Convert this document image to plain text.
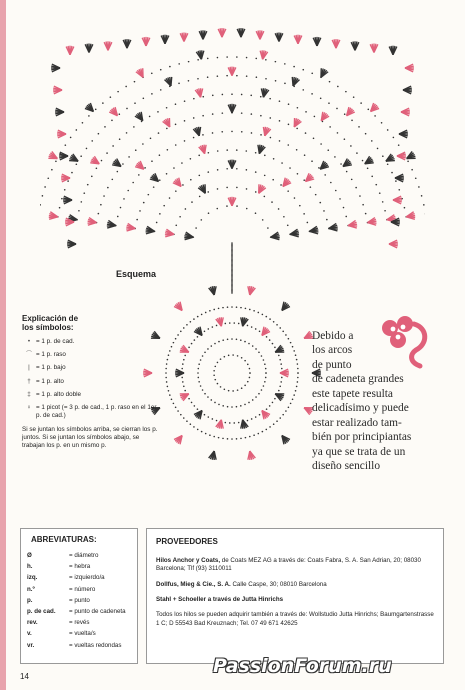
Esquema
Explicación de
los símbolos:
• = 1 p. de cad.
⌒ = 1 p. raso
| = 1 p. bajo
† = 1 p. alto
‡ = 1 p. alto doble
♀ = 1 picot (= 3 p. de cad., 1 p. raso en el 1er p. de cad.)
Si se juntan los símbolos arriba, se cierran los p. juntos. Si se juntan los símbolos abajo, se trabajan los p. en un mismo p.
Debido a
los arcos
de punto
de cadeneta grandes
este tapete resulta
delicadísimo y puede
estar realizado tam-
bién por principiantas
ya que se trata de un
diseño sencillo
ABREVIATURAS:
Ø	= diámetro
h.	= hebra
izq.	= izquierdo/a
n.º	= número
p.	= punto
p. de cad.	= punto de cadeneta
rev.	= revés
v.	= vuelta/s
vr.	= vueltas redondas
PROVEEDORES

Hilos Anchor y Coats, de Coats MEZ AG a través de: Coats Fabra, S. A. San Adrian, 20; 08030 Barcelona; Tlf (93) 3110011

Dollfus, Mieg & Cie., S. A. Calle Caspe, 30; 08010 Barcelona

Stahl + Schoeller a través de Jutta Hinrichs

Todos los hilos se pueden adquirir también a través de: Wollstudio Jutta Hinrichs; Baumgartenstrasse 1 C; D 55543 Bad Kreuznach; Tel. 07 49 671 42625

14	PassionForum.ru
